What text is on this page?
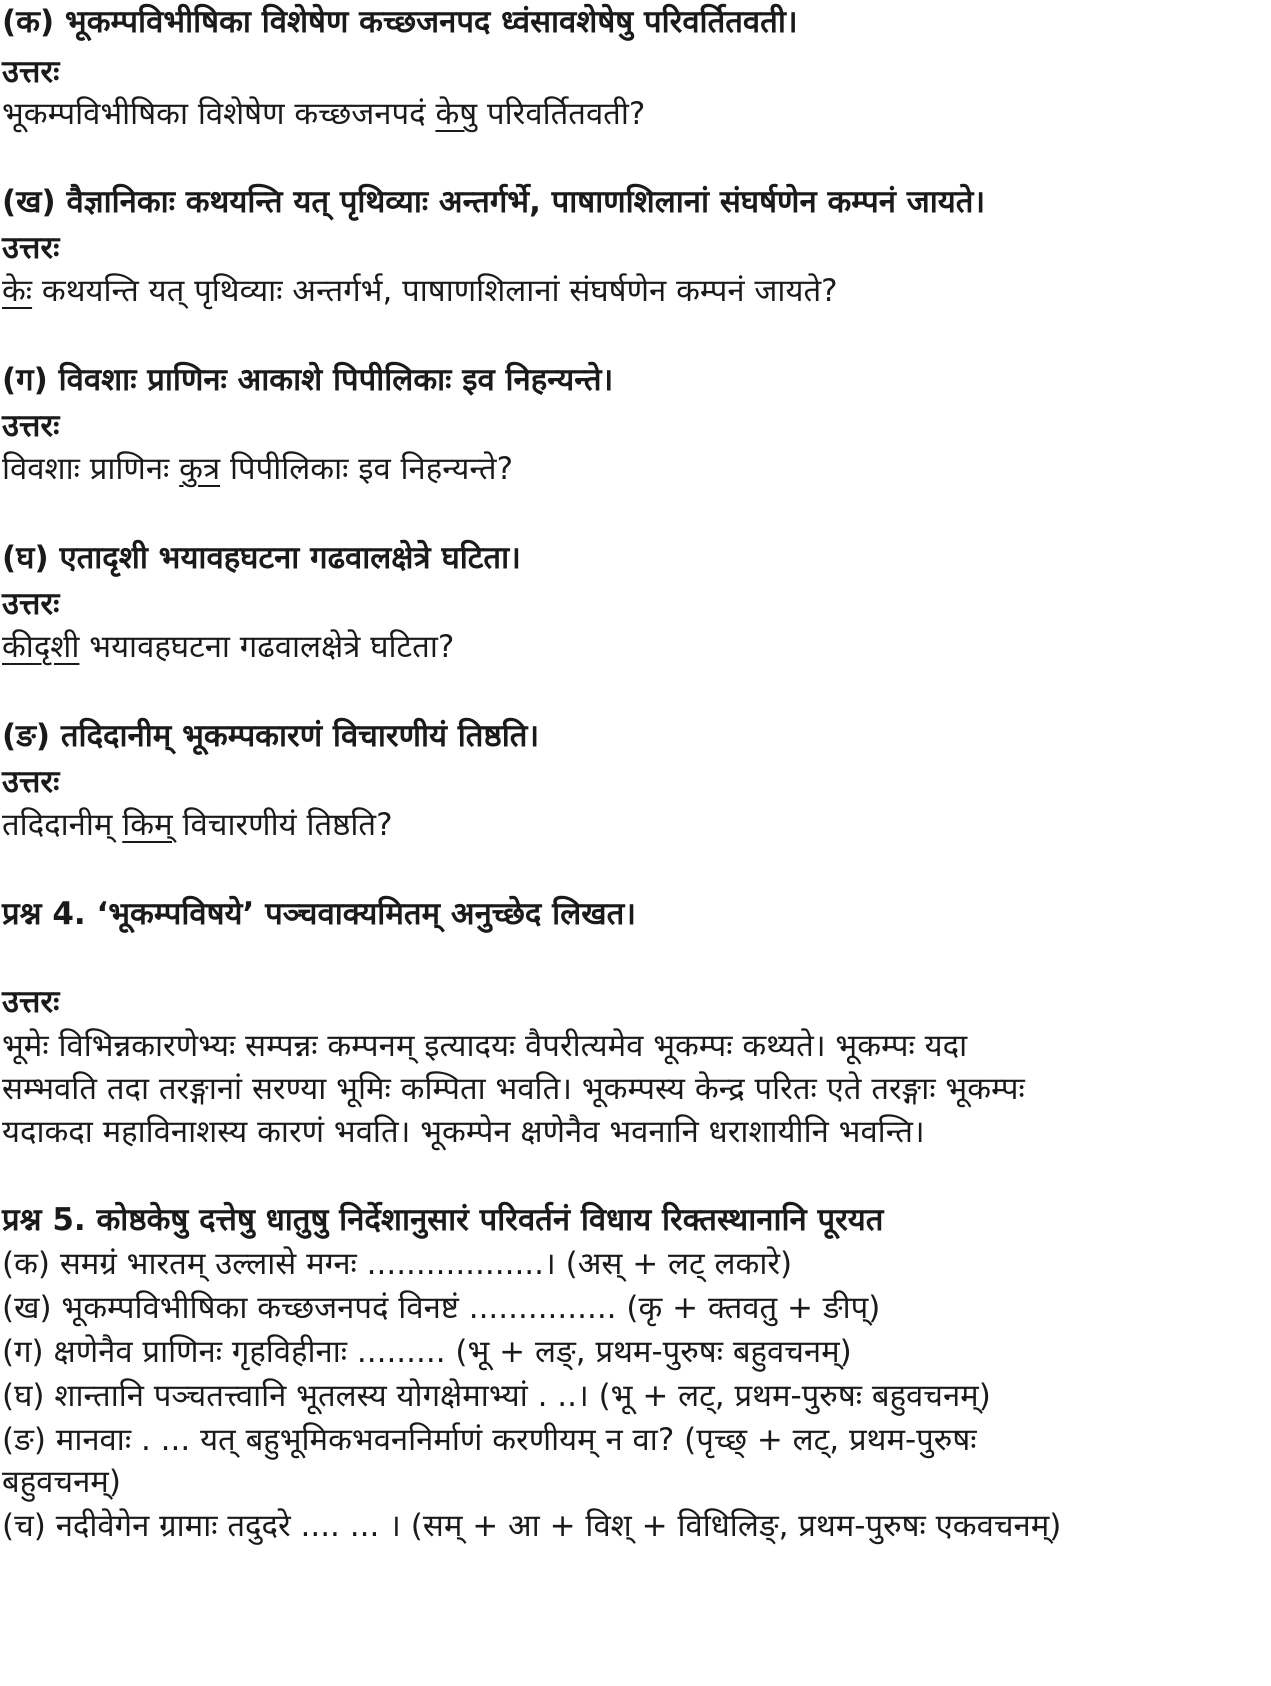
(क) भूकम्पविभीषिका विशेषेण कच्छजनपद ध्वंसावशेषेषु परिवर्तितवती।
उत्तरः
भूकम्पविभीषिका विशेषेण कच्छजनपदं केषु परिवर्तितवती?
(ख) वैज्ञानिकाः कथयन्ति यत् पृथिव्याः अन्तर्गर्भे, पाषाणशिलानां संघर्षणेन कम्पनं जायते।
उत्तरः
केः कथयन्ति यत् पृथिव्याः अन्तर्गर्भ, पाषाणशिलानां संघर्षणेन कम्पनं जायते?
(ग) विवशाः प्राणिनः आकाशे पिपीलिकाः इव निहन्यन्ते।
उत्तरः
विवशाः प्राणिनः कुत्र पिपीलिकाः इव निहन्यन्ते?
(घ) एतादृशी भयावहघटना गढवालक्षेत्रे घटिता।
उत्तरः
कीदृशी भयावहघटना गढवालक्षेत्रे घटिता?
(ङ) तदिदानीम् भूकम्पकारणं विचारणीयं तिष्ठति।
उत्तरः
तदिदानीम् किम् विचारणीयं तिष्ठति?
प्रश्न 4. ‘भूकम्पविषये’ पञ्चवाक्यमितम् अनुच्छेद लिखत।
उत्तरः
भूमेः विभिन्नकारणेभ्यः सम्पन्नः कम्पनम् इत्यादयः वैपरीत्यमेव भूकम्पः कथ्यते। भूकम्पः यदा
सम्भवति तदा तरङ्गानां सरण्या भूमिः कम्पिता भवति। भूकम्पस्य केन्द्र परितः एते तरङ्गाः भूकम्पः
यदाकदा महाविनाशस्य कारणं भवति। भूकम्पेन क्षणेनैव भवनानि धराशायीनि भवन्ति।
प्रश्न 5. कोष्ठकेषु दत्तेषु धातुषु निर्देशानुसारं परिवर्तनं विधाय रिक्तस्थानानि पूरयत
(क) समग्रं भारतम् उल्लासे मग्नः ..................। (अस् + लट् लकारे)
(ख) भूकम्पविभीषिका कच्छजनपदं विनष्टं ............... (कृ + क्तवतु + ङीप्)
(ग) क्षणेनैव प्राणिनः गृहविहीनाः ......... (भू + लङ्, प्रथम-पुरुषः बहुवचनम्)
(घ) शान्तानि पञ्चतत्त्वानि भूतलस्य योगक्षेमाभ्यां . ..। (भू + लट्, प्रथम-पुरुषः बहुवचनम्)
(ङ) मानवाः . ... यत् बहुभूमिकभवननिर्माणं करणीयम् न वा? (पृच्छ् + लट्, प्रथम-पुरुषः
बहुवचनम्)
(च) नदीवेगेन ग्रामाः तदुदरे .... ... । (सम् + आ + विश् + विधिलिङ्, प्रथम-पुरुषः एकवचनम्)
